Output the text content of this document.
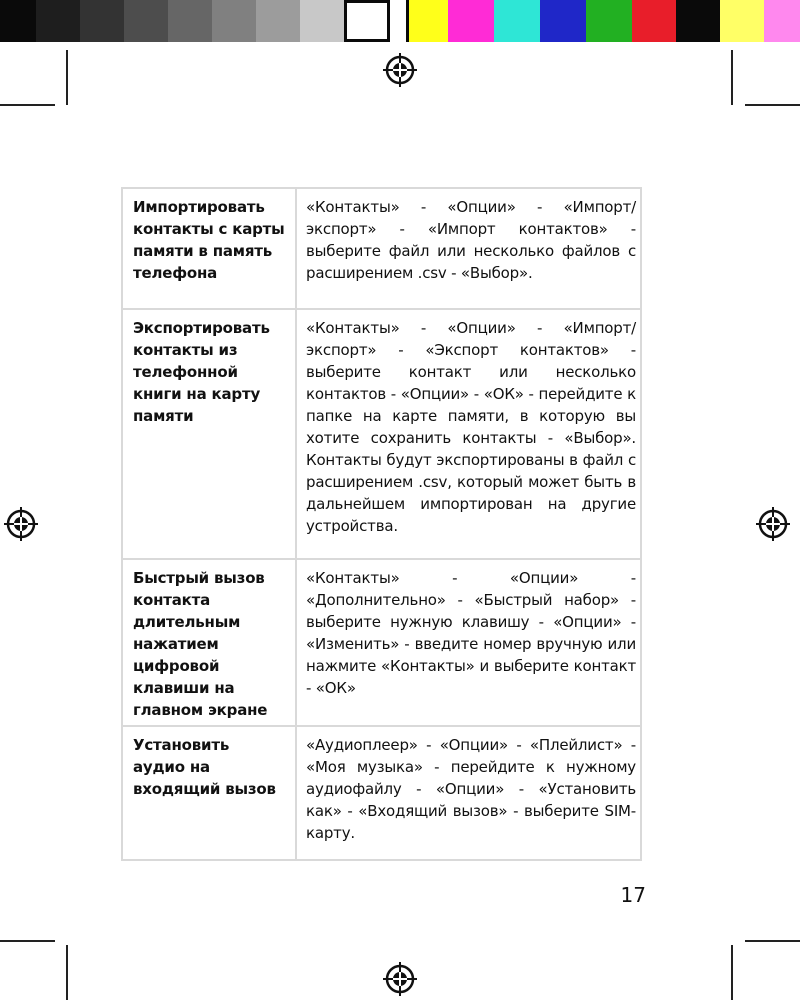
Импортировать контакты с карты памяти в память телефона
«Контакты» - «Опции» - «Импорт/экспорт» - «Импорт контактов» - выберите файл или несколько файлов с расширением .csv - «Выбор».
Экспортировать контакты из телефонной книги на карту памяти
«Контакты» - «Опции» - «Импорт/экспорт» - «Экспорт контактов» - выберите контакт или несколько контактов - «Опции» - «ОК» - перейдите к папке на карте памяти, в которую вы хотите сохранить контакты - «Выбор». Контакты будут экспортированы в файл с расширением .csv, который может быть в дальнейшем импортирован на другие устройства.
Быстрый вызов контакта длительным нажатием цифровой клавиши на главном экране
«Контакты» - «Опции» - «Дополнительно» - «Быстрый набор» - выберите нужную клавишу - «Опции» - «Изменить» - введите номер вручную или нажмите «Контакты» и выберите контакт - «ОК»
Установить аудио на входящий вызов
«Аудиоплеер» - «Опции» - «Плейлист» - «Моя музыка» - перейдите к нужному аудиофайлу - «Опции» - «Установить как» - «Входящий вызов» - выберите SIM-карту.
17
